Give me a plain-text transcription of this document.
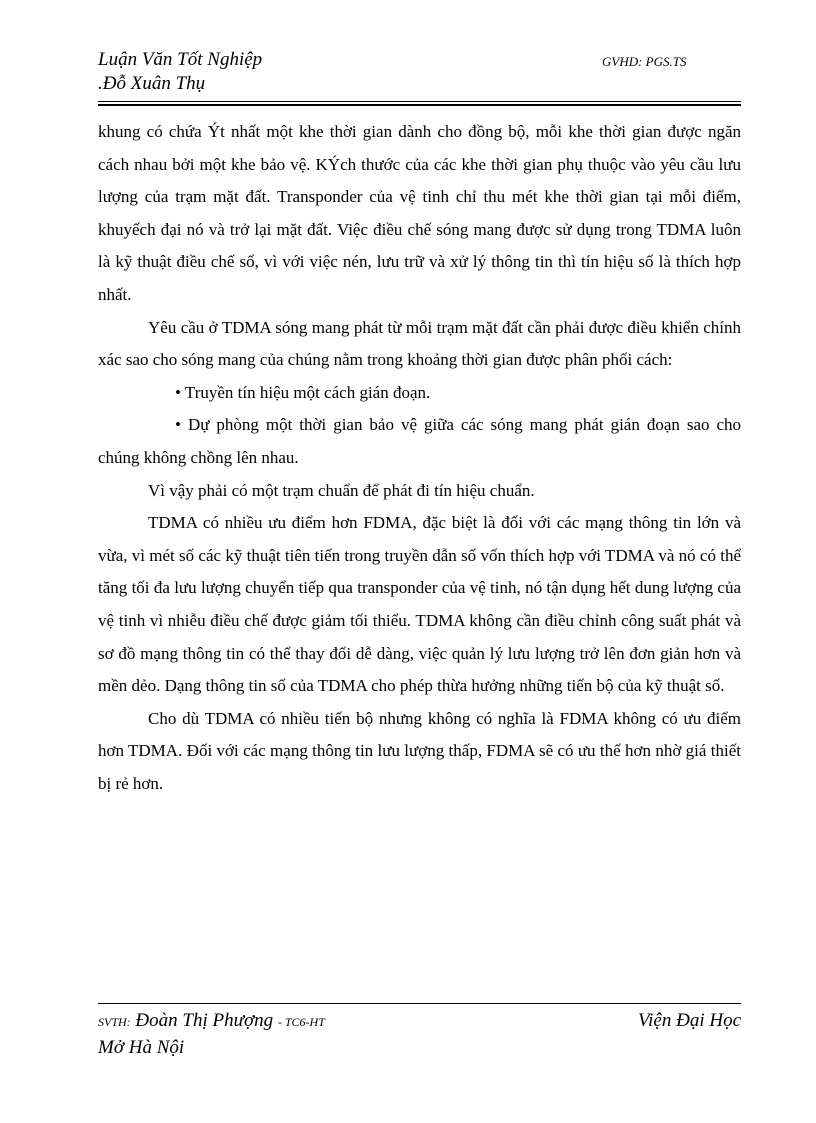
Luận Văn Tốt Nghiệp
.Đỗ Xuân Thụ
GVHD: PGS.TS

khung có chứa Ýt nhất một khe thời gian dành cho đồng bộ, mỗi khe thời gian được ngăn cách nhau bởi một khe bảo vệ. KÝch thước của các khe thời gian phụ thuộc vào yêu cầu lưu lượng của trạm mặt đất. Transponder của vệ tinh chỉ thu mét khe thời gian tại mỗi điểm, khuyếch đại nó và trở lại mặt đất. Việc điều chế sóng mang được sử dụng trong TDMA luôn là kỹ thuật điều chế số, vì với việc nén, lưu trữ và xử lý thông tin thì tín hiệu số là thích hợp nhất.

Yêu cầu ở TDMA sóng mang phát từ mỗi trạm mặt đất cần phải được điều khiển chính xác sao cho sóng mang của chúng nằm trong khoảng thời gian được phân phối cách:

• Truyền tín hiệu một cách gián đoạn.

• Dự phòng một thời gian bảo vệ giữa các sóng mang phát gián đoạn sao cho chúng không chồng lên nhau.

Vì vậy phải có một trạm chuẩn để phát đi tín hiệu chuẩn.

TDMA có nhiều ưu điểm hơn FDMA, đặc biệt là đối với các mạng thông tin lớn và vừa, vì mét số các kỹ thuật tiên tiến trong truyền dẫn số vốn thích hợp với TDMA và nó có thể tăng tối đa lưu lượng chuyển tiếp qua transponder của vệ tinh, nó tận dụng hết dung lượng của vệ tinh vì nhiễu điều chế được giảm tối thiểu. TDMA không cần điều chỉnh công suất phát và sơ đồ mạng thông tin có thể thay đổi dễ dàng, việc quản lý lưu lượng trở lên đơn giản hơn và mền dẻo. Dạng thông tin số của TDMA cho phép thừa hưởng những tiến bộ của kỹ thuật số.

Cho dù TDMA có nhiều tiến bộ nhưng không có nghĩa là FDMA không có ưu điểm hơn TDMA. Đối với các mạng thông tin lưu lượng thấp, FDMA sẽ có ưu thế hơn nhờ giá thiết bị rẻ hơn.

SVTH: Đoàn Thị Phượng - TC6-HT	Viện Đại Học
Mở Hà Nội
